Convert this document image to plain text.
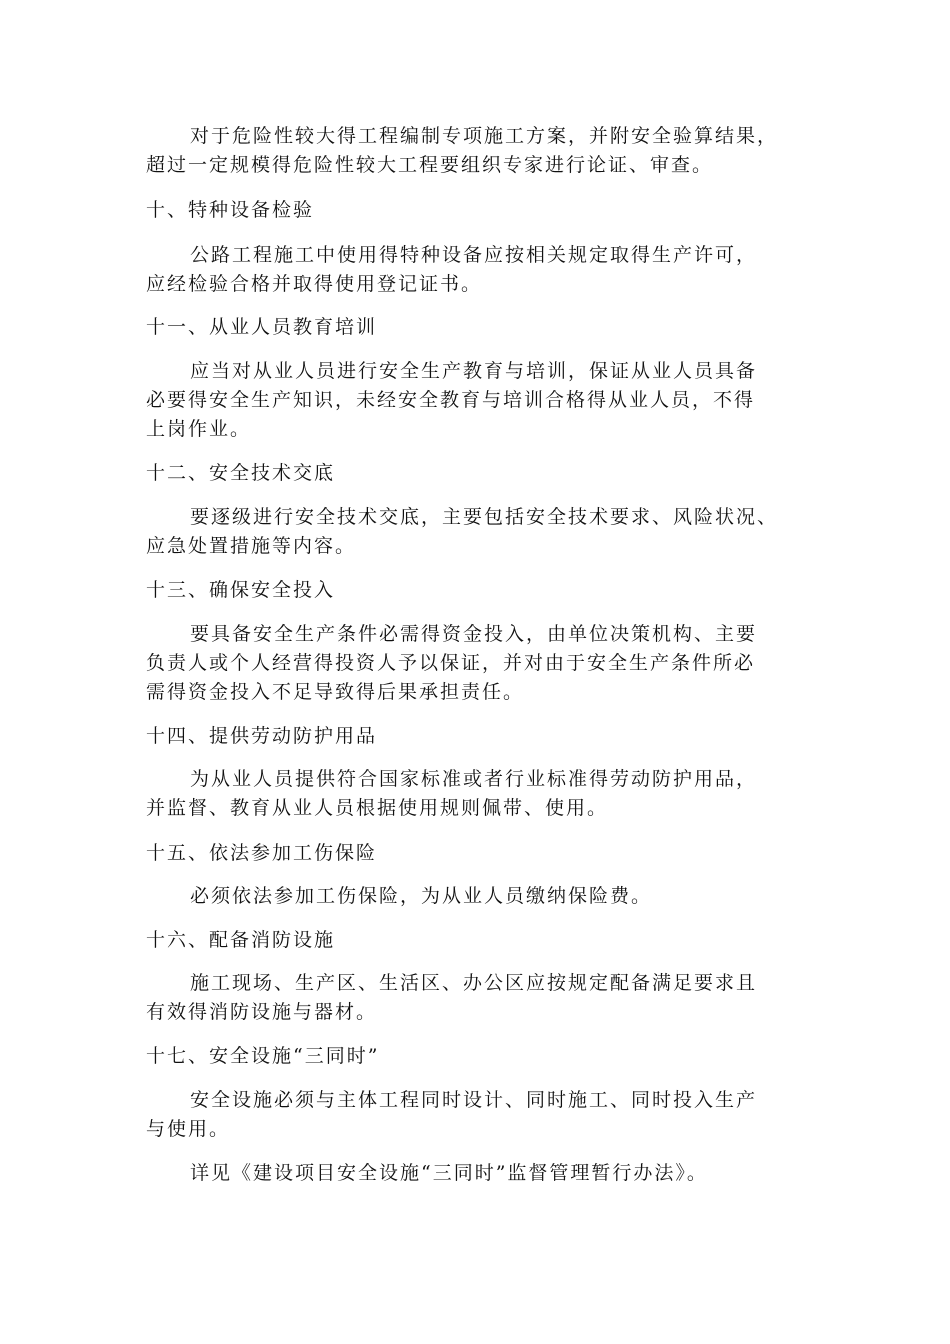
对于危险性较大得工程编制专项施工方案，并附安全验算结果，
超过一定规模得危险性较大工程要组织专家进行论证、审查。

十、特种设备检验

公路工程施工中使用得特种设备应按相关规定取得生产许可，
应经检验合格并取得使用登记证书。

十一、从业人员教育培训

应当对从业人员进行安全生产教育与培训，保证从业人员具备
必要得安全生产知识，未经安全教育与培训合格得从业人员，不得
上岗作业。

十二、安全技术交底

要逐级进行安全技术交底，主要包括安全技术要求、风险状况、
应急处置措施等内容。

十三、确保安全投入

要具备安全生产条件必需得资金投入，由单位决策机构、主要
负责人或个人经营得投资人予以保证，并对由于安全生产条件所必
需得资金投入不足导致得后果承担责任。

十四、提供劳动防护用品

为从业人员提供符合国家标准或者行业标准得劳动防护用品，
并监督、教育从业人员根据使用规则佩带、使用。

十五、依法参加工伤保险

必须依法参加工伤保险，为从业人员缴纳保险费。

十六、配备消防设施

施工现场、生产区、生活区、办公区应按规定配备满足要求且
有效得消防设施与器材。

十七、安全设施“三同时”

安全设施必须与主体工程同时设计、同时施工、同时投入生产
与使用。

详见《建设项目安全设施“三同时”监督管理暂行办法》。
